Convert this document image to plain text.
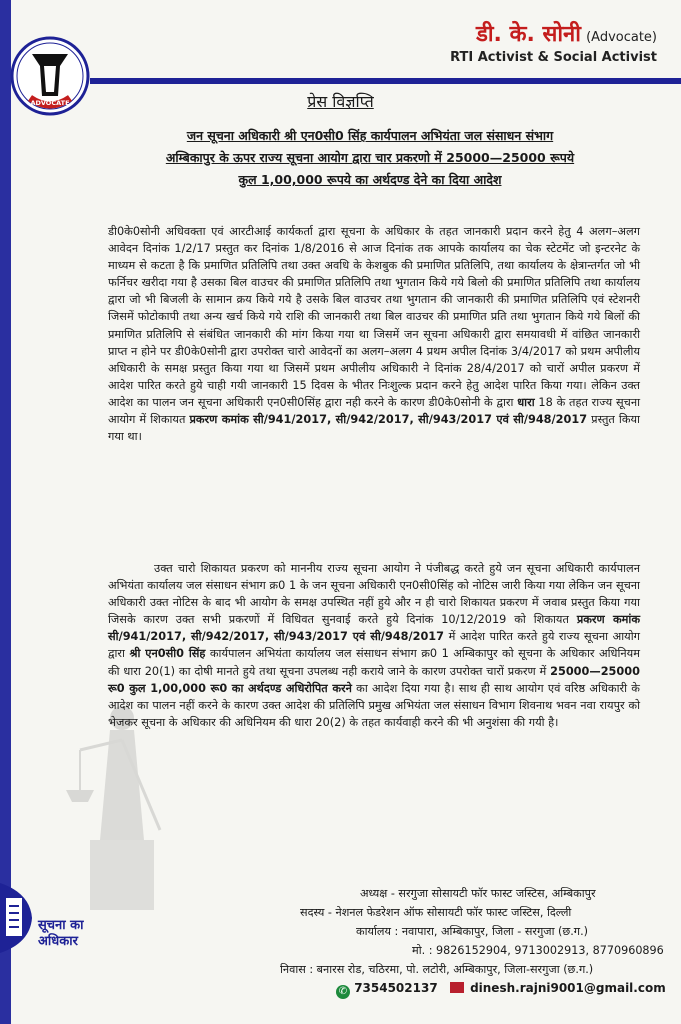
ADVOCATE
डी. के. सोनी (Advocate)
RTI Activist & Social Activist
प्रेस विज्ञप्ति
जन सूचना अधिकारी श्री एन0सी0 सिंह कार्यपालन अभियंता जल संसाधन संभाग
अम्बिकापुर के ऊपर राज्य सूचना आयोग द्वारा चार प्रकरणो में 25000—25000 रूपये
कुल 1,00,000 रूपये का अर्थदण्ड देने का दिया आदेश
डी0के0सोनी अधिवक्ता एवं आरटीआई कार्यकर्ता द्वारा सूचना के अधिकार के तहत जानकारी प्रदान करने हेतु 4 अलग–अलग आवेदन दिनांक 1/2/17 प्रस्तुत कर दिनांक 1/8/2016 से आज दिनांक तक आपके कार्यालय का चेक स्टेटमेंट जो इन्टरनेट के माध्यम से कटता है कि प्रमाणित प्रतिलिपि तथा उक्त अवधि के केशबुक की प्रमाणित प्रतिलिपि, तथा कार्यालय के क्षेत्रान्तर्गत जो भी फर्निचर खरीदा गया है उसका बिल वाउचर की प्रमाणित प्रतिलिपि तथा भुगतान किये गये बिलो की प्रमाणित प्रतिलिपि तथा कार्यालय द्वारा जो भी बिजली के सामान क्रय किये गये है उसके बिल वाउचर तथा भुगतान की जानकारी की प्रमाणित प्रतिलिपि एवं स्टेशनरी जिसमें फोटोकापी तथा अन्य खर्च किये गये राशि की जानकारी तथा बिल वाउचर की प्रमाणित प्रति तथा भुगतान किये गये बिलों की प्रमाणित प्रतिलिपि से संबंधित जानकारी की मांग किया गया था जिसमें जन सूचना अधिकारी द्वारा समयावधी में वांछित जानकारी प्राप्त न होने पर डी0के0सोनी द्वारा उपरोक्त चारो आवेदनों का अलग–अलग 4 प्रथम अपील दिनांक 3/4/2017 को प्रथम अपीलीय अधिकारी के समक्ष प्रस्तुत किया गया था जिसमें प्रथम अपीलीय अधिकारी ने दिनांक 28/4/2017 को चारों अपील प्रकरण में आदेश पारित करते हुये चाही गयी जानकारी 15 दिवस के भीतर निःशुल्क प्रदान करने हेतु आदेश पारित किया गया। लेकिन उक्त आदेश का पालन जन सूचना अधिकारी एन0सी0सिंह द्वारा नही करने के कारण डी0के0सोनी के द्वारा धारा 18 के तहत राज्य सूचना आयोग में शिकायत प्रकरण कमांक सी/941/2017, सी/942/2017, सी/943/2017 एवं सी/948/2017 प्रस्तुत किया गया था।
उक्त चारो शिकायत प्रकरण को माननीय राज्य सूचना आयोग ने पंजीबद्ध करते हुये जन सूचना अधिकारी कार्यपालन अभियंता कार्यालय जल संसाधन संभाग क्र0 1 के जन सूचना अधिकारी एन0सी0सिंह को नोटिस जारी किया गया लेकिन जन सूचना अधिकारी उक्त नोटिस के बाद भी आयोग के समक्ष उपस्थित नहीं हुये और न ही चारो शिकायत प्रकरण में जवाब प्रस्तुत किया गया जिसके कारण उक्त सभी प्रकरणों में विधिवत सुनवाई करते हुये दिनांक 10/12/2019 को शिकायत प्रकरण कमांक सी/941/2017, सी/942/2017, सी/943/2017 एवं सी/948/2017 में आदेश पारित करते हुये राज्य सूचना आयोग द्वारा श्री एन0सी0 सिंह कार्यपालन अभियंता कार्यालय जल संसाधन संभाग क्र0 1 अम्बिकापुर को सूचना के अधिकार अधिनियम की धारा 20(1) का दोषी मानते हुये तथा सूचना उपलब्ध नही कराये जाने के कारण उपरोक्त चारों प्रकरण में 25000—25000 रू0 कुल 1,00,000 रू0 का अर्थदण्ड अधिरोपित करने का आदेश दिया गया है। साथ ही साथ आयोग एवं वरिष्ठ अधिकारी के आदेश का पालन नहीं करने के कारण उक्त आदेश की प्रतिलिपि प्रमुख अभियंता जल संसाधन विभाग शिवनाथ भवन नवा रायपुर को भेजकर सूचना के अधिकार की अधिनियम की धारा 20(2) के तहत कार्यवाही करने की भी अनुशंसा की गयी है।
सूचना का
अधिकार
अध्यक्ष - सरगुजा सोसायटी फॉर फास्ट जस्टिस, अम्बिकापुर
सदस्य - नेशनल फेडरेशन ऑफ सोसायटी फॉर फास्ट जस्टिस, दिल्ली
कार्यालय : नवापारा, अम्बिकापुर, जिला - सरगुजा (छ.ग.)
मो. : 9826152904, 9713002913, 8770960896
निवास : बनारस रोड, चठिरमा, पो. लटोरी, अम्बिकापुर, जिला-सरगुजा (छ.ग.)
✆ 7354502137	dinesh.rajni9001@gmail.com
